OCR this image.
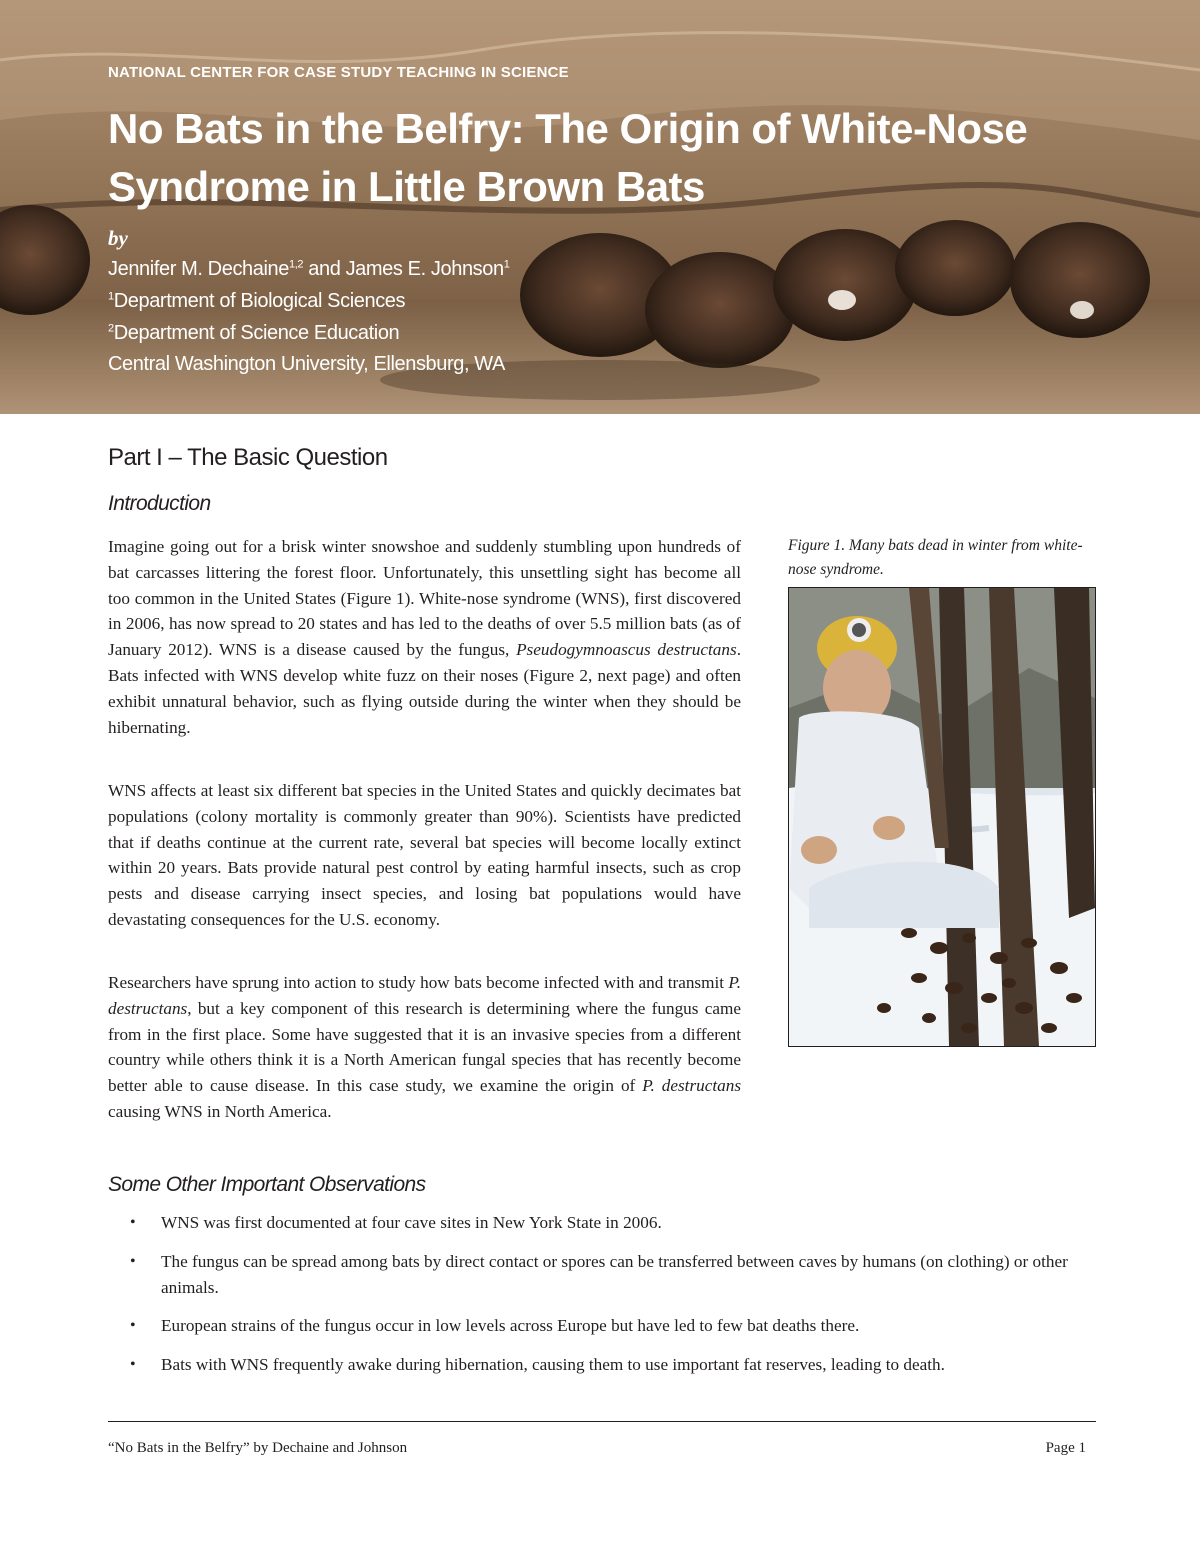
NATIONAL CENTER FOR CASE STUDY TEACHING IN SCIENCE
No Bats in the Belfry: The Origin of White-Nose Syndrome in Little Brown Bats
by
Jennifer M. Dechaine$^{1,2}$ and James E. Johnson$^1$
$^1$Department of Biological Sciences
$^2$Department of Science Education
Central Washington University, Ellensburg, WA
Part I – The Basic Question
Introduction

Imagine going out for a brisk winter snowshoe and suddenly stumbling upon hundreds of bat carcasses littering the forest floor. Unfortunately, this unsettling sight has become all too common in the United States (Figure 1). White-nose syndrome (WNS), first discovered in 2006, has now spread to 20 states and has led to the deaths of over 5.5 million bats (as of January 2012). WNS is a disease caused by the fungus, Pseudogymnoascus destructans. Bats infected with WNS develop white fuzz on their noses (Figure 2, next page) and often exhibit unnatural behavior, such as flying outside during the winter when they should be hibernating.

WNS affects at least six different bat species in the United States and quickly decimates bat populations (colony mortality is commonly greater than 90%). Scientists have predicted that if deaths continue at the current rate, several bat species will become locally extinct within 20 years. Bats provide natural pest control by eating harmful insects, such as crop pests and disease carrying insect species, and losing bat populations would have devastating consequences for the U.S. economy.

Researchers have sprung into action to study how bats become infected with and transmit P. destructans, but a key component of this research is determining where the fungus came from in the first place. Some have suggested that it is an invasive species from a different country while others think it is a North American fungal species that has recently become better able to cause disease. In this case study, we examine the origin of P. destructans causing WNS in North America.

Figure 1. Many bats dead in winter from white-nose syndrome.

Some Other Important Observations
• WNS was first documented at four cave sites in New York State in 2006.
• The fungus can be spread among bats by direct contact or spores can be transferred between caves by humans (on clothing) or other animals.
• European strains of the fungus occur in low levels across Europe but have led to few bat deaths there.
• Bats with WNS frequently awake during hibernation, causing them to use important fat reserves, leading to death.
“No Bats in the Belfry” by Dechaine and Johnson	Page 1
